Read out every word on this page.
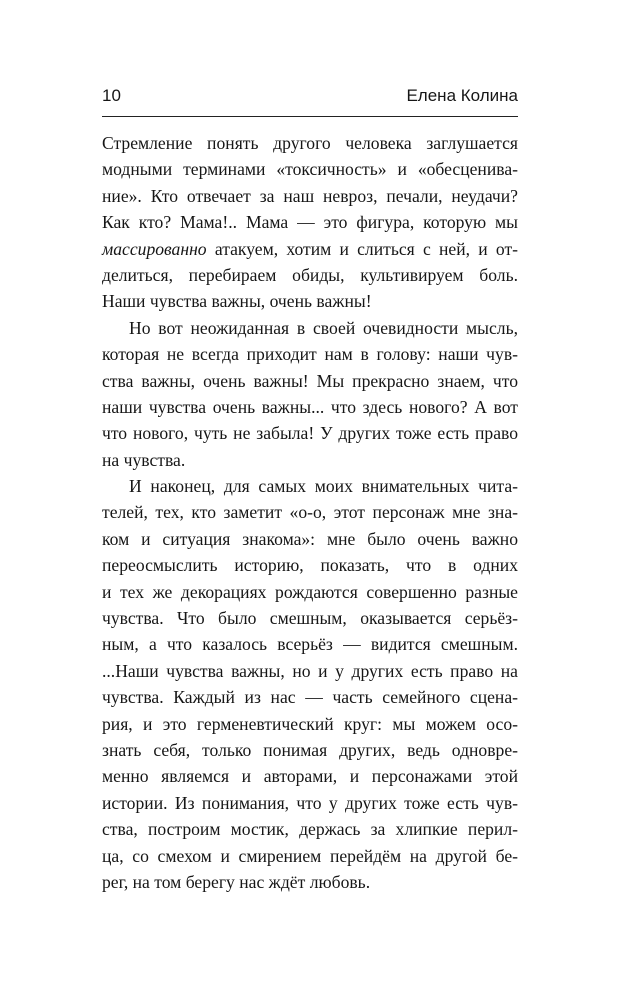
10	Елена Колина
Стремление понять другого человека заглушается
модными терминами «токсичность» и «обесценива-
ние». Кто отвечает за наш невроз, печали, неудачи?
Как кто? Мама!.. Мама — это фигура, которую мы
массированно атакуем, хотим и слиться с ней, и от-
делиться, перебираем обиды, культивируем боль.
Наши чувства важны, очень важны!
Но вот неожиданная в своей очевидности мысль,
которая не всегда приходит нам в голову: наши чув-
ства важны, очень важны! Мы прекрасно знаем, что
наши чувства очень важны... что здесь нового? А вот
что нового, чуть не забыла! У других тоже есть право
на чувства.
И наконец, для самых моих внимательных чита-
телей, тех, кто заметит «о-о, этот персонаж мне зна-
ком и ситуация знакома»: мне было очень важно
переосмыслить историю, показать, что в одних
и тех же декорациях рождаются совершенно разные
чувства. Что было смешным, оказывается серьёз-
ным, а что казалось всерьёз — видится смешным.
...Наши чувства важны, но и у других есть право на
чувства. Каждый из нас — часть семейного сцена-
рия, и это герменевтический круг: мы можем осо-
знать себя, только понимая других, ведь одновре-
менно являемся и авторами, и персонажами этой
истории. Из понимания, что у других тоже есть чув-
ства, построим мостик, держась за хлипкие перил-
ца, со смехом и смирением перейдём на другой бе-
рег, на том берегу нас ждёт любовь.
